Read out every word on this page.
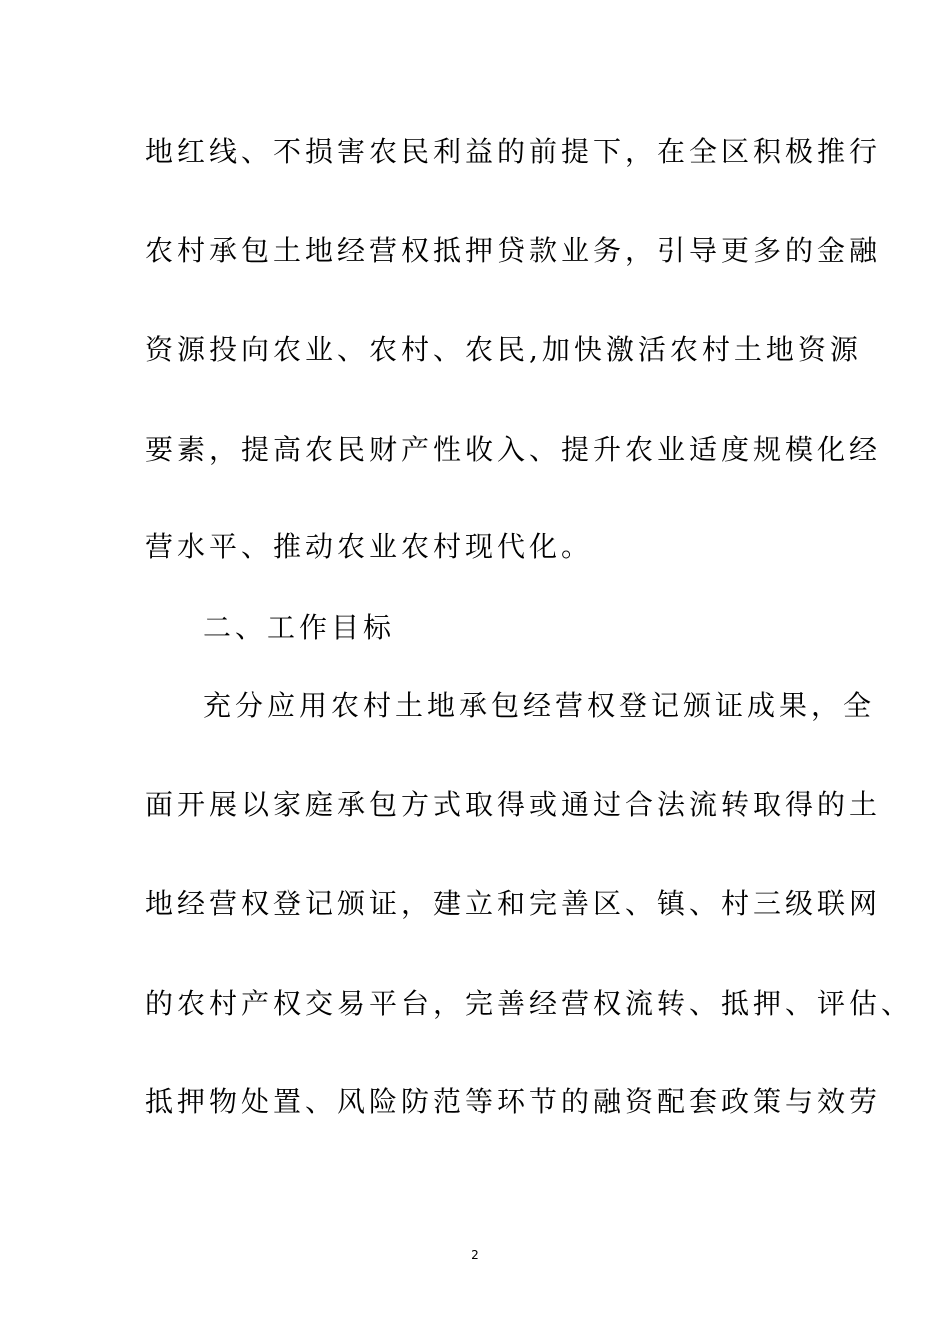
地红线、不损害农民利益的前提下，在全区积极推行
农村承包土地经营权抵押贷款业务，引导更多的金融
资源投向农业、农村、农民,加快激活农村土地资源
要素，提高农民财产性收入、提升农业适度规模化经
营水平、推动农业农村现代化。
二、工作目标
充分应用农村土地承包经营权登记颁证成果，全
面开展以家庭承包方式取得或通过合法流转取得的土
地经营权登记颁证，建立和完善区、镇、村三级联网
的农村产权交易平台，完善经营权流转、抵押、评估、
抵押物处置、风险防范等环节的融资配套政策与效劳
2
